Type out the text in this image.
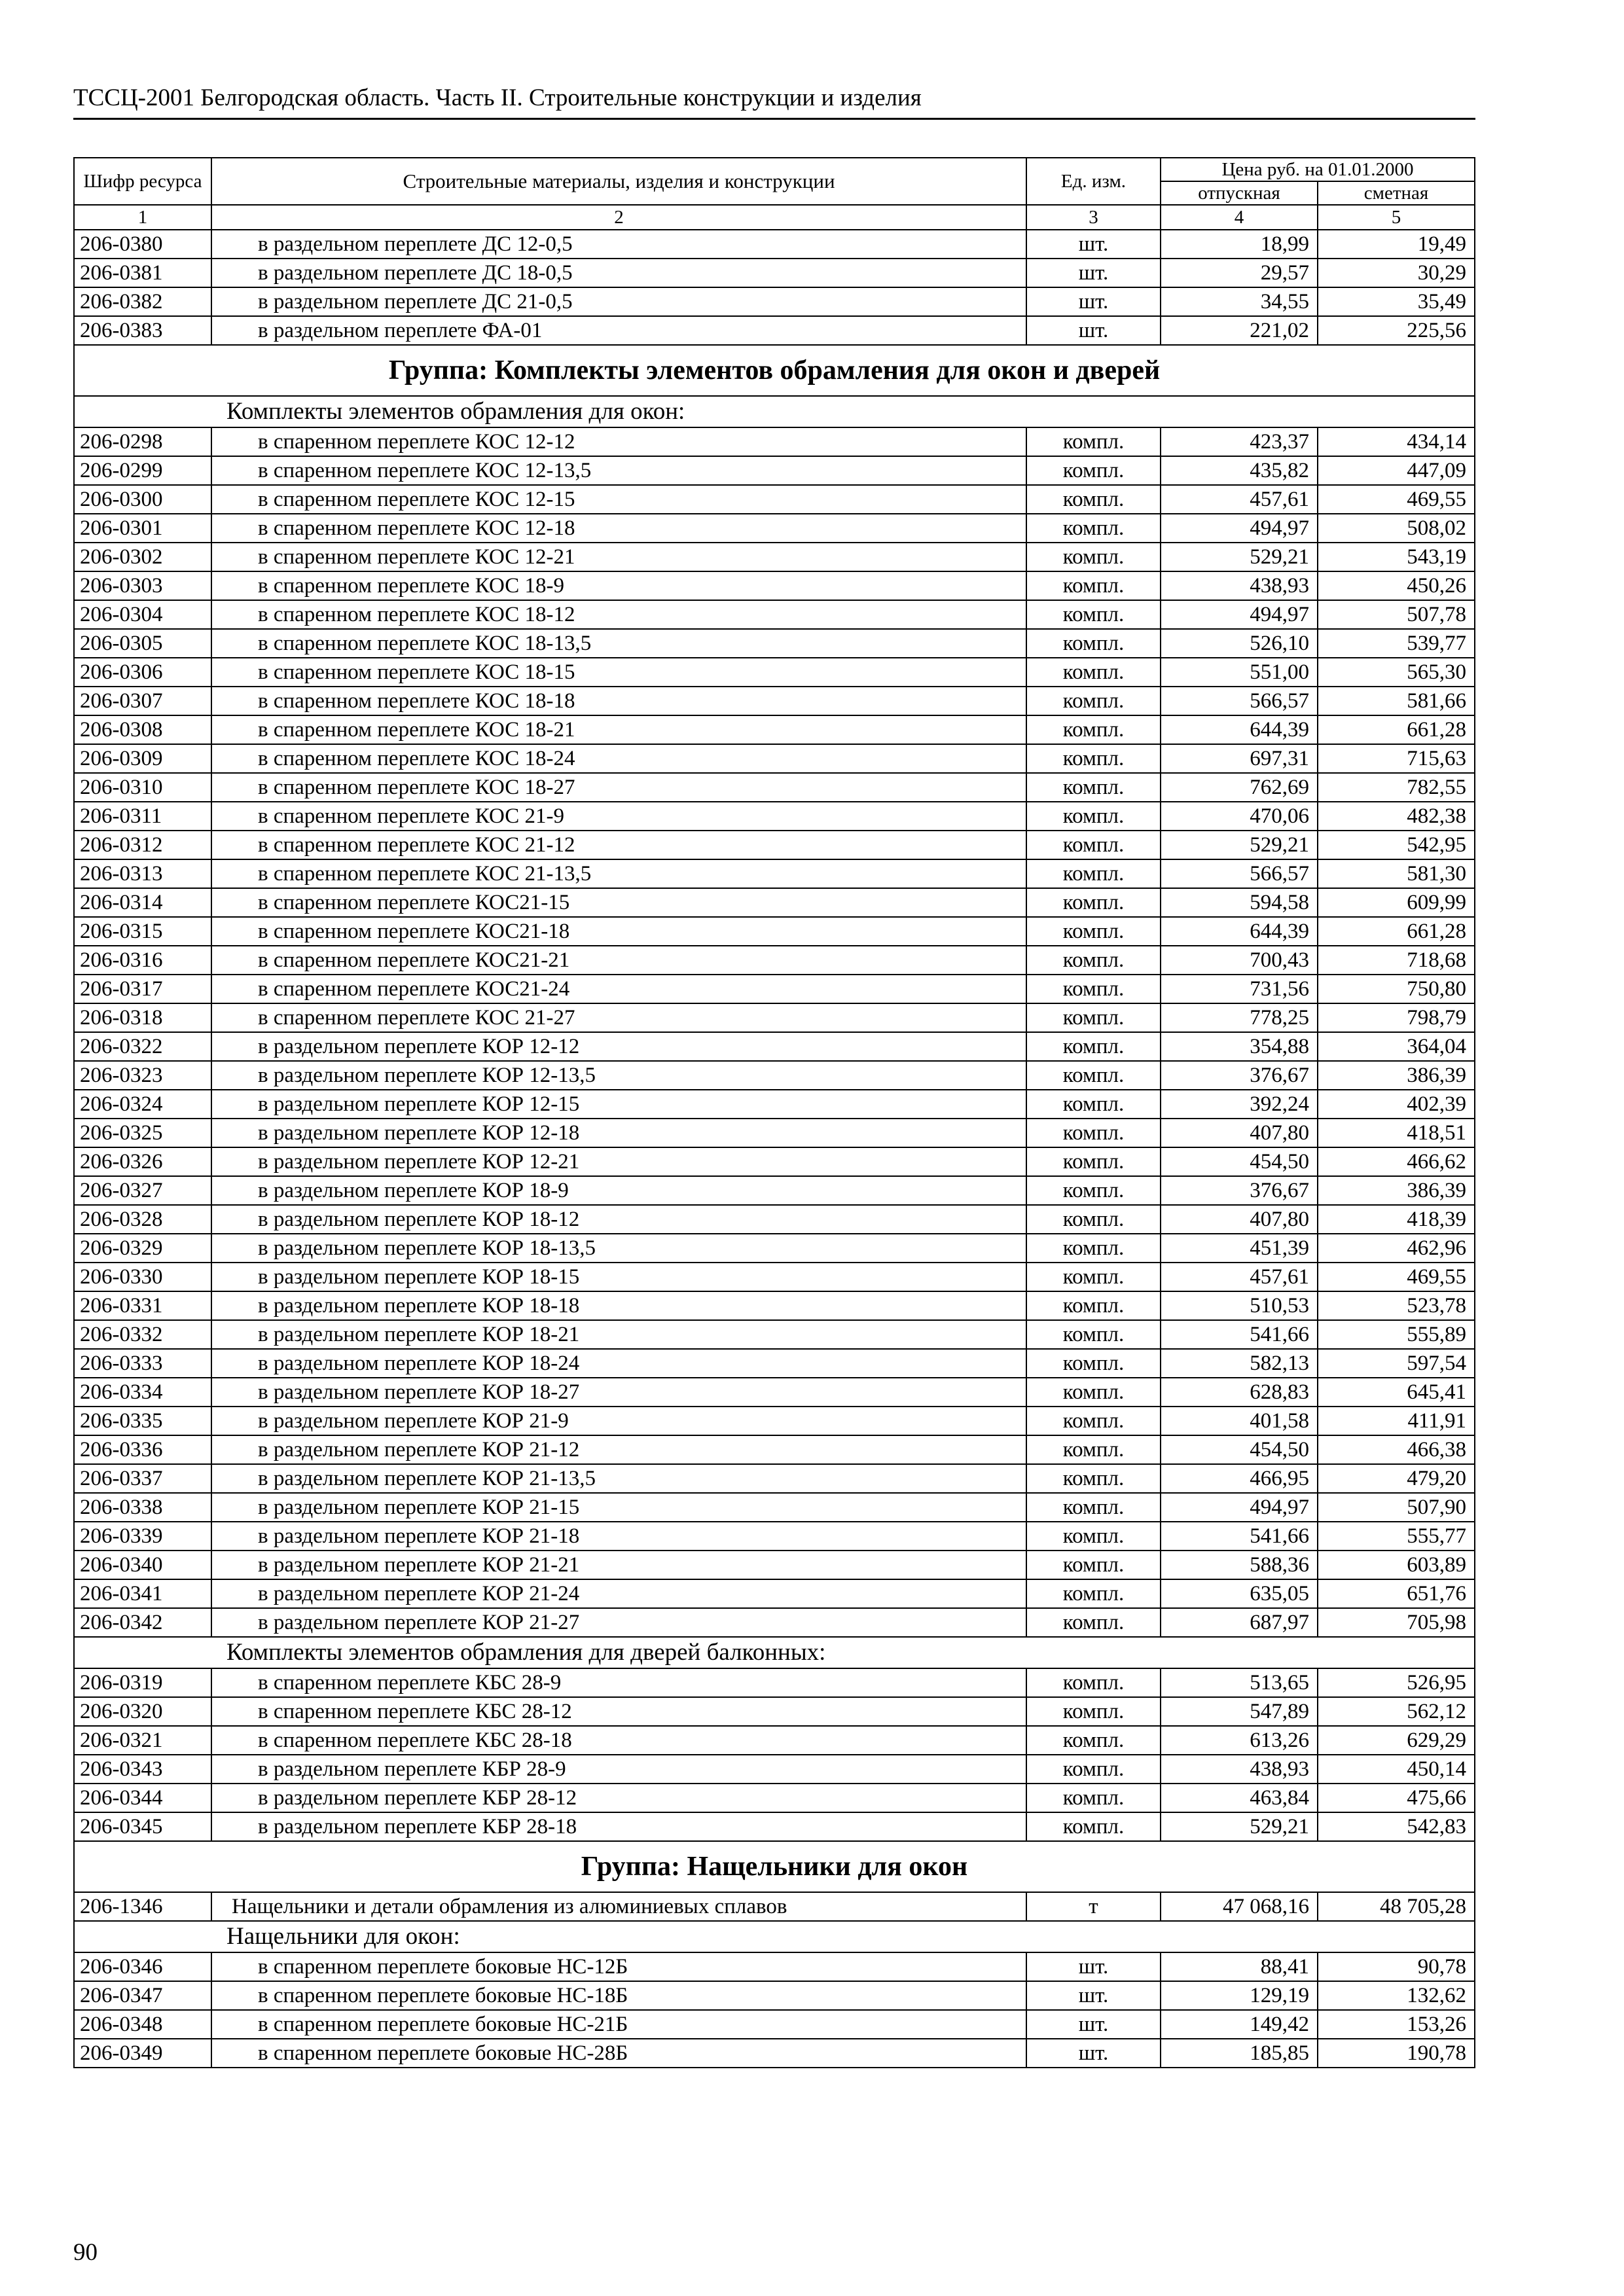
ТССЦ-2001 Белгородская область. Часть II. Строительные конструкции и изделия
Шифр ресурса	Строительные материалы, изделия и конструкции	Ед. изм.	Цена руб. на 01.01.2000	
			отпускная	сметная
1	2	3	4	5
206-0380	в раздельном переплете ДС 12-0,5	шт.	18,99	19,49
206-0381	в раздельном переплете ДС 18-0,5	шт.	29,57	30,29
206-0382	в раздельном переплете ДС 21-0,5	шт.	34,55	35,49
206-0383	в раздельном переплете ФА-01	шт.	221,02	225,56
Группа: Комплекты элементов обрамления для окон и дверей				
Комплекты элементов обрамления для окон:				
206-0298	в спаренном переплете КОС 12-12	компл.	423,37	434,14
206-0299	в спаренном переплете КОС 12-13,5	компл.	435,82	447,09
206-0300	в спаренном переплете КОС 12-15	компл.	457,61	469,55
206-0301	в спаренном переплете КОС 12-18	компл.	494,97	508,02
206-0302	в спаренном переплете КОС 12-21	компл.	529,21	543,19
206-0303	в спаренном переплете КОС 18-9	компл.	438,93	450,26
206-0304	в спаренном переплете КОС 18-12	компл.	494,97	507,78
206-0305	в спаренном переплете КОС 18-13,5	компл.	526,10	539,77
206-0306	в спаренном переплете КОС 18-15	компл.	551,00	565,30
206-0307	в спаренном переплете КОС 18-18	компл.	566,57	581,66
206-0308	в спаренном переплете КОС 18-21	компл.	644,39	661,28
206-0309	в спаренном переплете КОС 18-24	компл.	697,31	715,63
206-0310	в спаренном переплете КОС 18-27	компл.	762,69	782,55
206-0311	в спаренном переплете КОС 21-9	компл.	470,06	482,38
206-0312	в спаренном переплете КОС 21-12	компл.	529,21	542,95
206-0313	в спаренном переплете КОС 21-13,5	компл.	566,57	581,30
206-0314	в спаренном переплете КОС21-15	компл.	594,58	609,99
206-0315	в спаренном переплете КОС21-18	компл.	644,39	661,28
206-0316	в спаренном переплете КОС21-21	компл.	700,43	718,68
206-0317	в спаренном переплете КОС21-24	компл.	731,56	750,80
206-0318	в спаренном переплете КОС 21-27	компл.	778,25	798,79
206-0322	в раздельном переплете КОР 12-12	компл.	354,88	364,04
206-0323	в раздельном переплете КОР 12-13,5	компл.	376,67	386,39
206-0324	в раздельном переплете КОР 12-15	компл.	392,24	402,39
206-0325	в раздельном переплете КОР 12-18	компл.	407,80	418,51
206-0326	в раздельном переплете КОР 12-21	компл.	454,50	466,62
206-0327	в раздельном переплете КОР 18-9	компл.	376,67	386,39
206-0328	в раздельном переплете КОР 18-12	компл.	407,80	418,39
206-0329	в раздельном переплете КОР 18-13,5	компл.	451,39	462,96
206-0330	в раздельном переплете КОР 18-15	компл.	457,61	469,55
206-0331	в раздельном переплете КОР 18-18	компл.	510,53	523,78
206-0332	в раздельном переплете КОР 18-21	компл.	541,66	555,89
206-0333	в раздельном переплете КОР 18-24	компл.	582,13	597,54
206-0334	в раздельном переплете КОР 18-27	компл.	628,83	645,41
206-0335	в раздельном переплете КОР 21-9	компл.	401,58	411,91
206-0336	в раздельном переплете КОР 21-12	компл.	454,50	466,38
206-0337	в раздельном переплете КОР 21-13,5	компл.	466,95	479,20
206-0338	в раздельном переплете КОР 21-15	компл.	494,97	507,90
206-0339	в раздельном переплете КОР 21-18	компл.	541,66	555,77
206-0340	в раздельном переплете КОР 21-21	компл.	588,36	603,89
206-0341	в раздельном переплете КОР 21-24	компл.	635,05	651,76
206-0342	в раздельном переплете КОР 21-27	компл.	687,97	705,98
Комплекты элементов обрамления для дверей балконных:				
206-0319	в спаренном переплете КБС 28-9	компл.	513,65	526,95
206-0320	в спаренном переплете КБС 28-12	компл.	547,89	562,12
206-0321	в спаренном переплете КБС 28-18	компл.	613,26	629,29
206-0343	в раздельном переплете КБР 28-9	компл.	438,93	450,14
206-0344	в раздельном переплете КБР 28-12	компл.	463,84	475,66
206-0345	в раздельном переплете КБР 28-18	компл.	529,21	542,83
Группа: Нащельники для окон				
206-1346	Нащельники и детали обрамления из алюминиевых сплавов	т	47 068,16	48 705,28
Нащельники для окон:				
206-0346	в спаренном переплете боковые НС-12Б	шт.	88,41	90,78
206-0347	в спаренном переплете боковые НС-18Б	шт.	129,19	132,62
206-0348	в спаренном переплете боковые НС-21Б	шт.	149,42	153,26
206-0349	в спаренном переплете боковые НС-28Б	шт.	185,85	190,78
90
